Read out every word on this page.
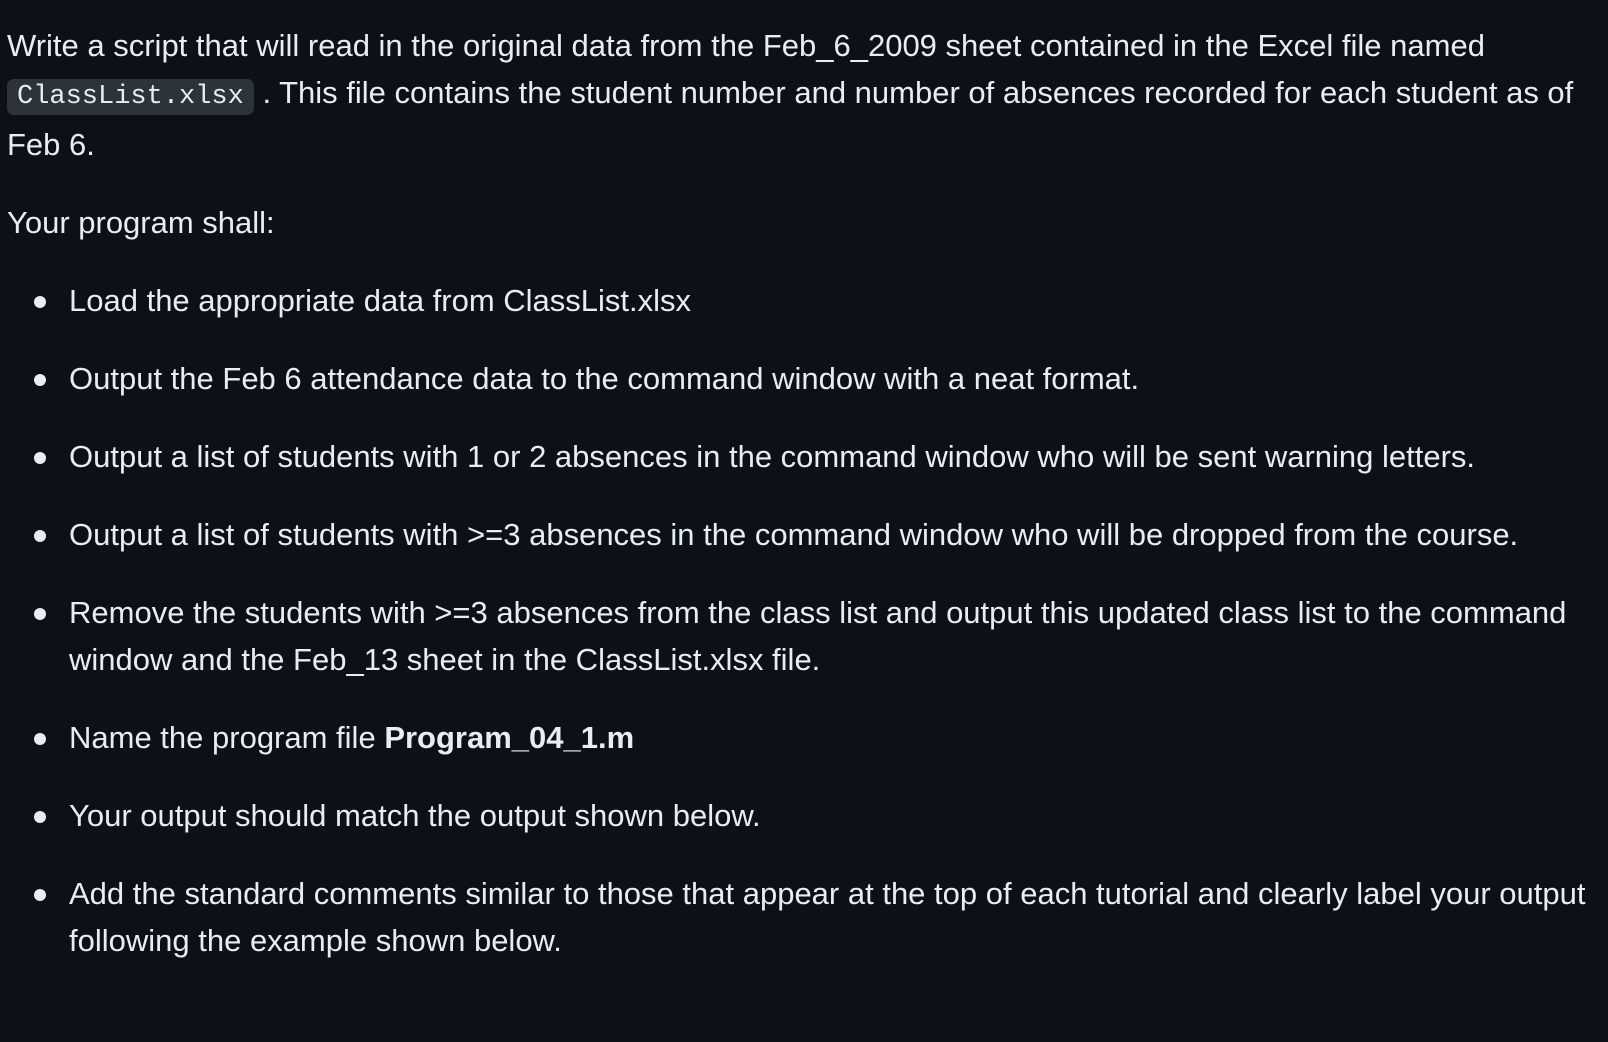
Write a script that will read in the original data from the Feb_6_2009 sheet contained in the Excel file named ClassList.xlsx . This file contains the student number and number of absences recorded for each student as of Feb 6.

Your program shall:

Load the appropriate data from ClassList.xlsx
Output the Feb 6 attendance data to the command window with a neat format.
Output a list of students with 1 or 2 absences in the command window who will be sent warning letters.
Output a list of students with >=3 absences in the command window who will be dropped from the course.
Remove the students with >=3 absences from the class list and output this updated class list to the command window and the Feb_13 sheet in the ClassList.xlsx file.
Name the program file Program_04_1.m
Your output should match the output shown below.
Add the standard comments similar to those that appear at the top of each tutorial and clearly label your output following the example shown below.
